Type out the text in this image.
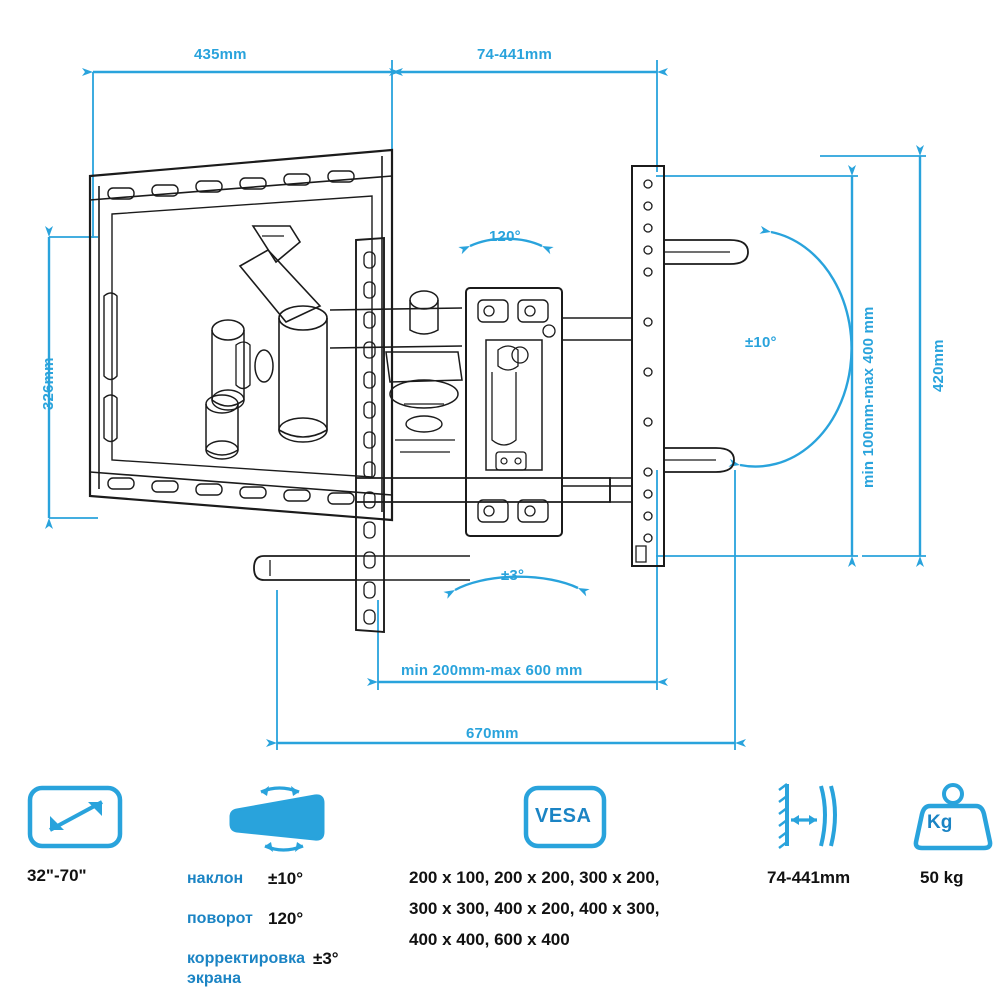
435mm	74-441mm
326mm	min 100mm-max 400 mm	420mm
120°
±10°
±3°
min 200mm-max 600 mm
670mm
32"-70"	наклон ±10°
поворот 120°
корректировка ±3°
экрана
VESA
200 x 100, 200 x 200, 300 x 200,
300 x 300, 400 x 200, 400 x 300,
400 x 400, 600 x 400
74-441mm
Kg
50 kg
